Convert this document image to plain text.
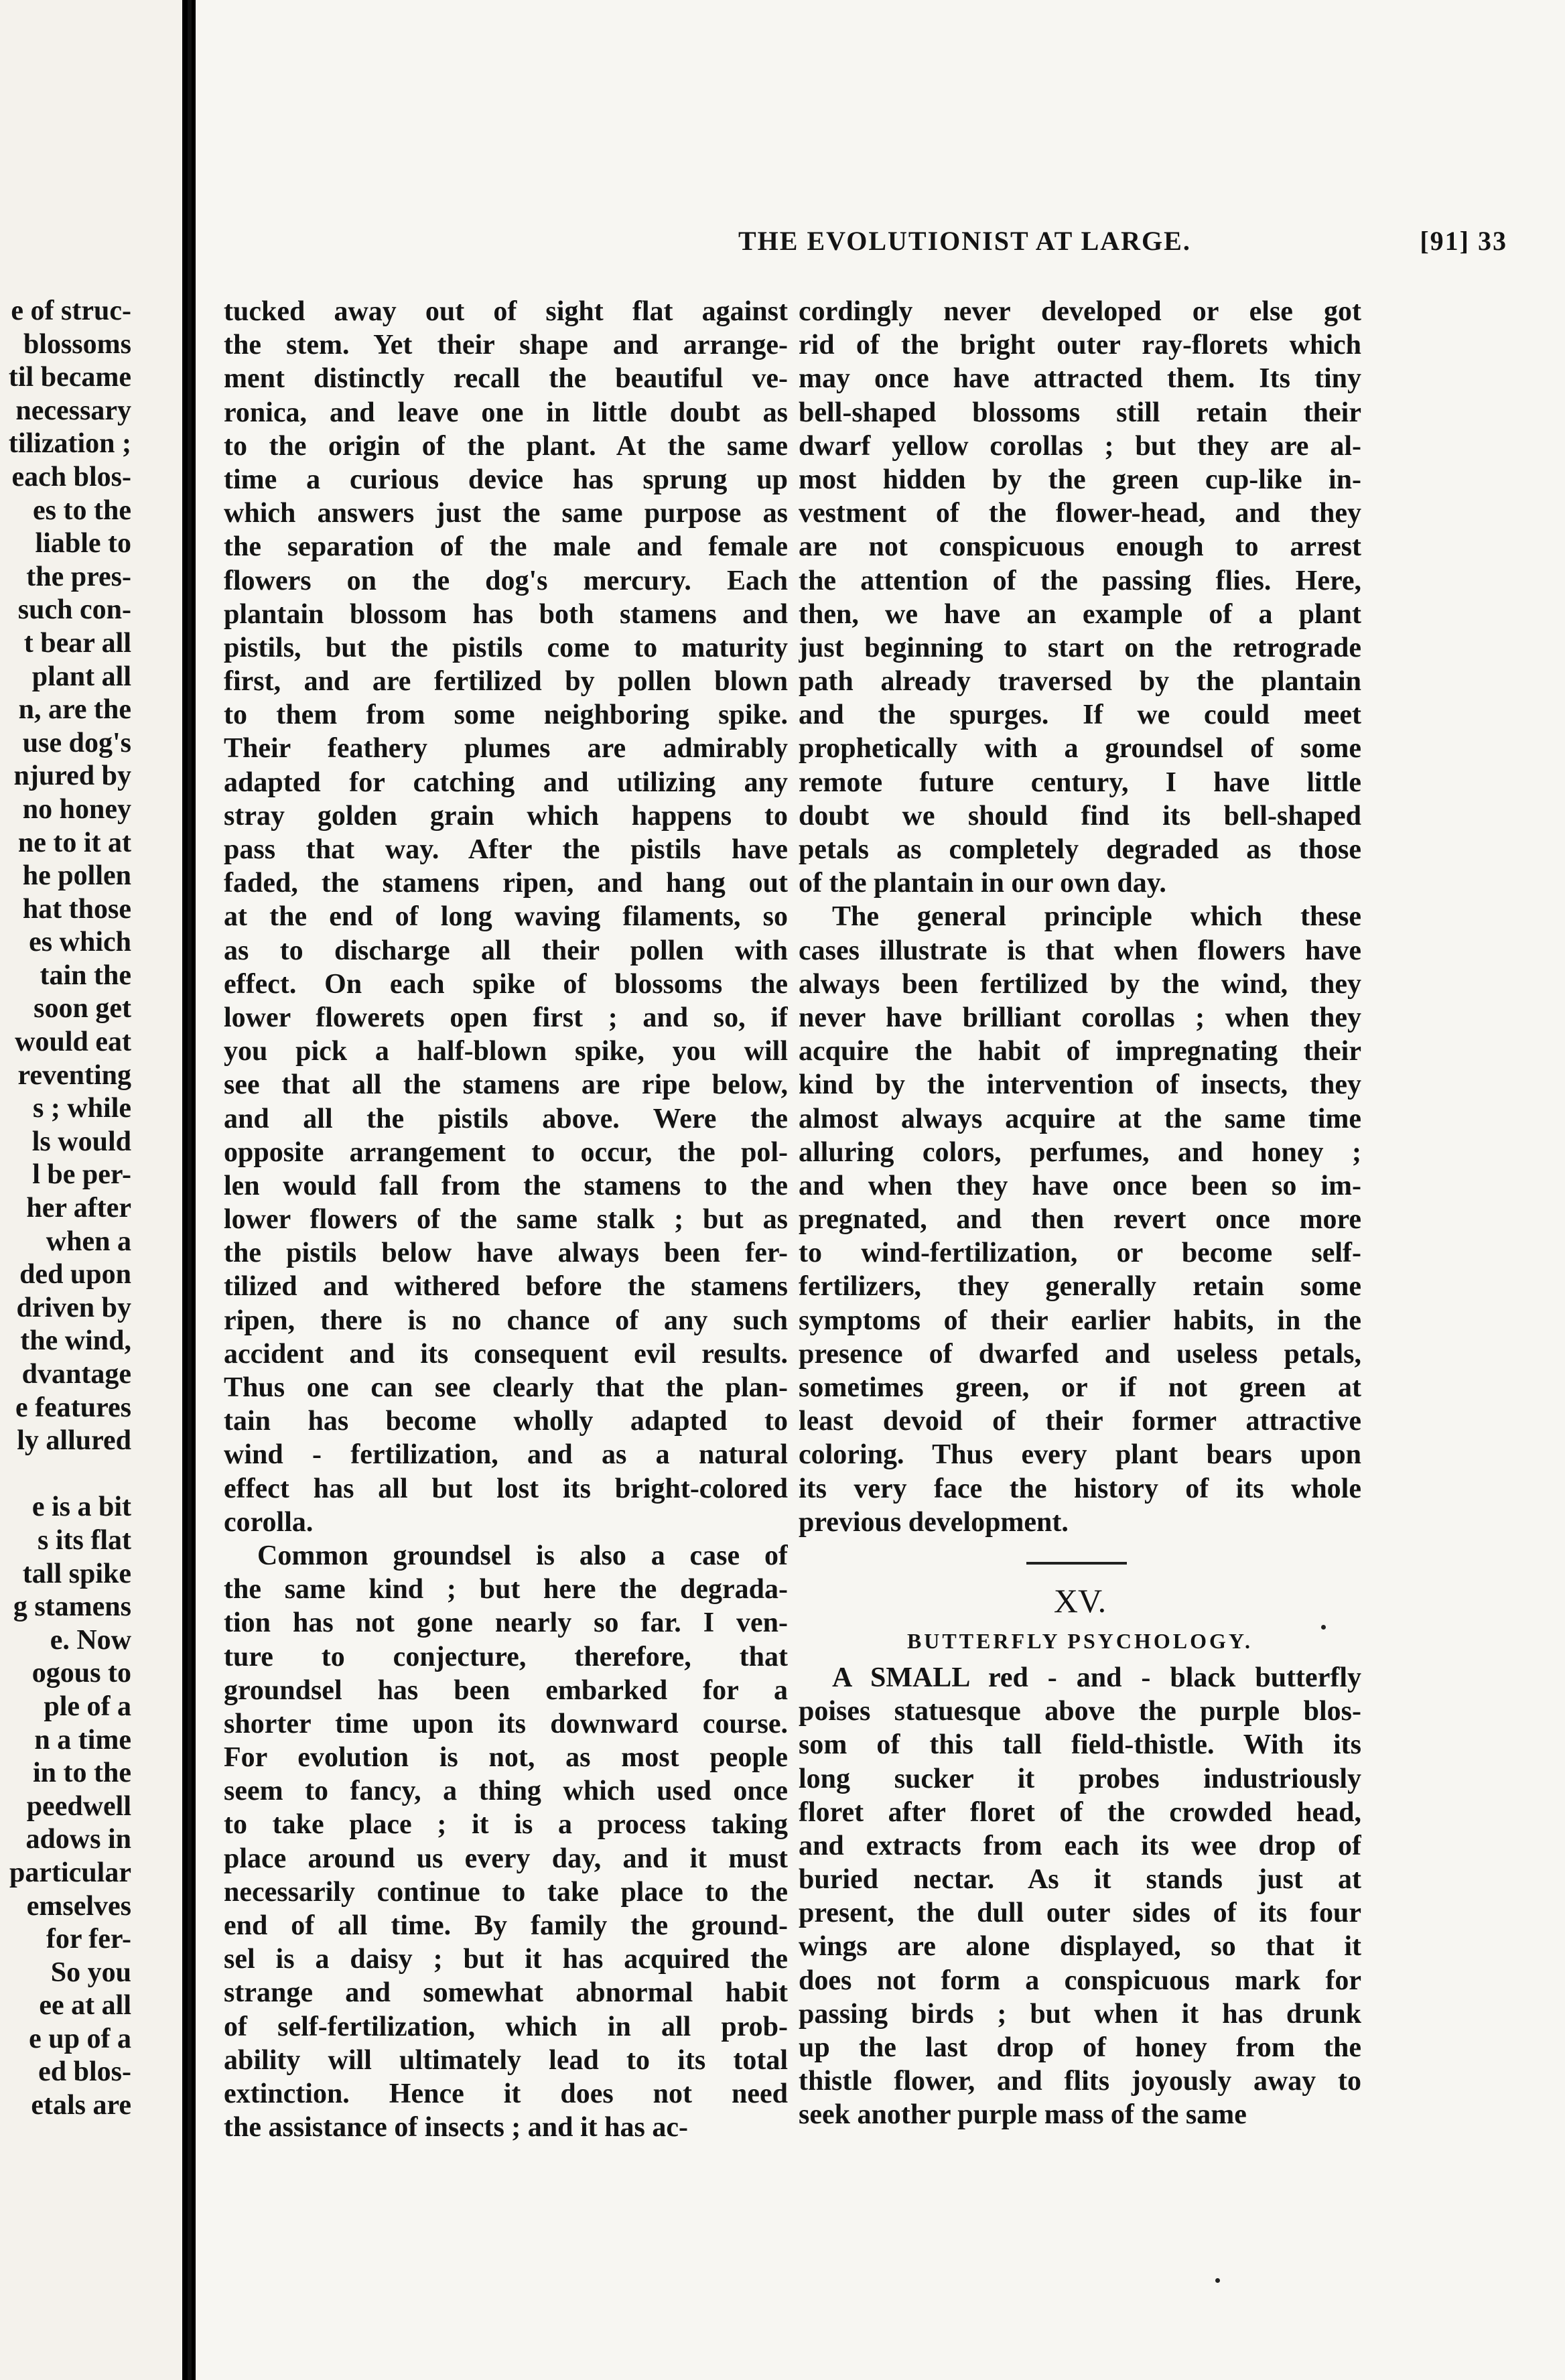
e of struc-
blossoms
til became
necessary
tilization ;
each blos-
es to the
liable to
the pres-
such con-
t bear all
plant all
n, are the
use dog's
njured by
no honey
ne to it at
he pollen
hat those
es which
tain the
soon get
would eat
reventing
s ; while
ls would
l be per-
her after
when a
ded upon
driven by
the wind,
dvantage
e features
ly allured

e is a bit
s its flat
tall spike
g stamens
e. Now
ogous to
ple of a
n a time
in to the
peedwell
adows in
particular
emselves
for fer-
So you
ee at all
e up of a
ed blos-
etals are
THE EVOLUTIONIST AT LARGE.	[91] 33
tucked away out of sight flat against
the stem. Yet their shape and arrange-
ment distinctly recall the beautiful ve-
ronica, and leave one in little doubt as
to the origin of the plant. At the same
time a curious device has sprung up
which answers just the same purpose as
the separation of the male and female
flowers on the dog's mercury. Each
plantain blossom has both stamens and
pistils, but the pistils come to maturity
first, and are fertilized by pollen blown
to them from some neighboring spike.
Their feathery plumes are admirably
adapted for catching and utilizing any
stray golden grain which happens to
pass that way. After the pistils have
faded, the stamens ripen, and hang out
at the end of long waving filaments, so
as to discharge all their pollen with
effect. On each spike of blossoms the
lower flowerets open first ; and so, if
you pick a half-blown spike, you will
see that all the stamens are ripe below,
and all the pistils above. Were the
opposite arrangement to occur, the pol-
len would fall from the stamens to the
lower flowers of the same stalk ; but as
the pistils below have always been fer-
tilized and withered before the stamens
ripen, there is no chance of any such
accident and its consequent evil results.
Thus one can see clearly that the plan-
tain has become wholly adapted to
wind - fertilization, and as a natural
effect has all but lost its bright-colored
corolla.
Common groundsel is also a case of
the same kind ; but here the degrada-
tion has not gone nearly so far. I ven-
ture to conjecture, therefore, that
groundsel has been embarked for a
shorter time upon its downward course.
For evolution is not, as most people
seem to fancy, a thing which used once
to take place ; it is a process taking
place around us every day, and it must
necessarily continue to take place to the
end of all time. By family the ground-
sel is a daisy ; but it has acquired the
strange and somewhat abnormal habit
of self-fertilization, which in all prob-
ability will ultimately lead to its total
extinction. Hence it does not need
the assistance of insects ; and it has ac-
cordingly never developed or else got
rid of the bright outer ray-florets which
may once have attracted them. Its tiny
bell-shaped blossoms still retain their
dwarf yellow corollas ; but they are al-
most hidden by the green cup-like in-
vestment of the flower-head, and they
are not conspicuous enough to arrest
the attention of the passing flies. Here,
then, we have an example of a plant
just beginning to start on the retrograde
path already traversed by the plantain
and the spurges. If we could meet
prophetically with a groundsel of some
remote future century, I have little
doubt we should find its bell-shaped
petals as completely degraded as those
of the plantain in our own day.
The general principle which these
cases illustrate is that when flowers have
always been fertilized by the wind, they
never have brilliant corollas ; when they
acquire the habit of impregnating their
kind by the intervention of insects, they
almost always acquire at the same time
alluring colors, perfumes, and honey ;
and when they have once been so im-
pregnated, and then revert once more
to wind-fertilization, or become self-
fertilizers, they generally retain some
symptoms of their earlier habits, in the
presence of dwarfed and useless petals,
sometimes green, or if not green at
least devoid of their former attractive
coloring. Thus every plant bears upon
its very face the history of its whole
previous development.
XV.
BUTTERFLY PSYCHOLOGY.
A SMALL red - and - black butterfly
poises statuesque above the purple blos-
som of this tall field-thistle. With its
long sucker it probes industriously
floret after floret of the crowded head,
and extracts from each its wee drop of
buried nectar. As it stands just at
present, the dull outer sides of its four
wings are alone displayed, so that it
does not form a conspicuous mark for
passing birds ; but when it has drunk
up the last drop of honey from the
thistle flower, and flits joyously away to
seek another purple mass of the same
